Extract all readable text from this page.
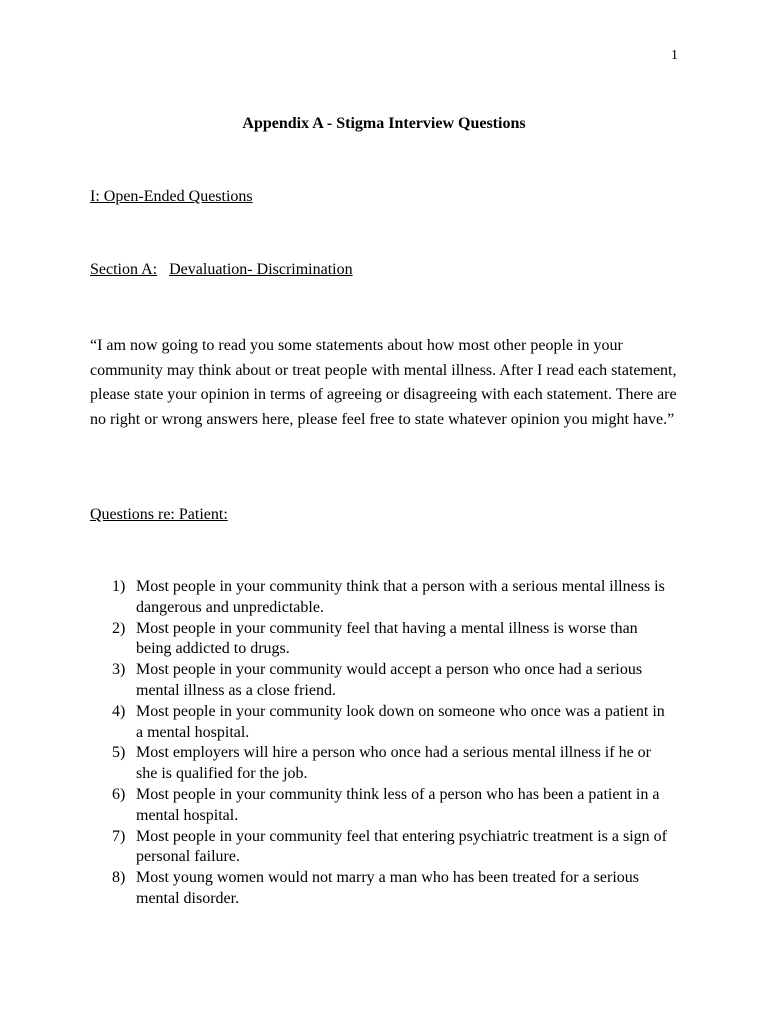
1
Appendix A - Stigma Interview Questions
I: Open-Ended Questions
Section A: Devaluation- Discrimination
“I am now going to read you some statements about how most other people in your community may think about or treat people with mental illness. After I read each statement, please state your opinion in terms of agreeing or disagreeing with each statement. There are no right or wrong answers here, please feel free to state whatever opinion you might have.”
Questions re: Patient:
1) Most people in your community think that a person with a serious mental illness is dangerous and unpredictable.
2) Most people in your community feel that having a mental illness is worse than being addicted to drugs.
3) Most people in your community would accept a person who once had a serious mental illness as a close friend.
4) Most people in your community look down on someone who once was a patient in a mental hospital.
5) Most employers will hire a person who once had a serious mental illness if he or she is qualified for the job.
6) Most people in your community think less of a person who has been a patient in a mental hospital.
7) Most people in your community feel that entering psychiatric treatment is a sign of personal failure.
8) Most young women would not marry a man who has been treated for a serious mental disorder.
